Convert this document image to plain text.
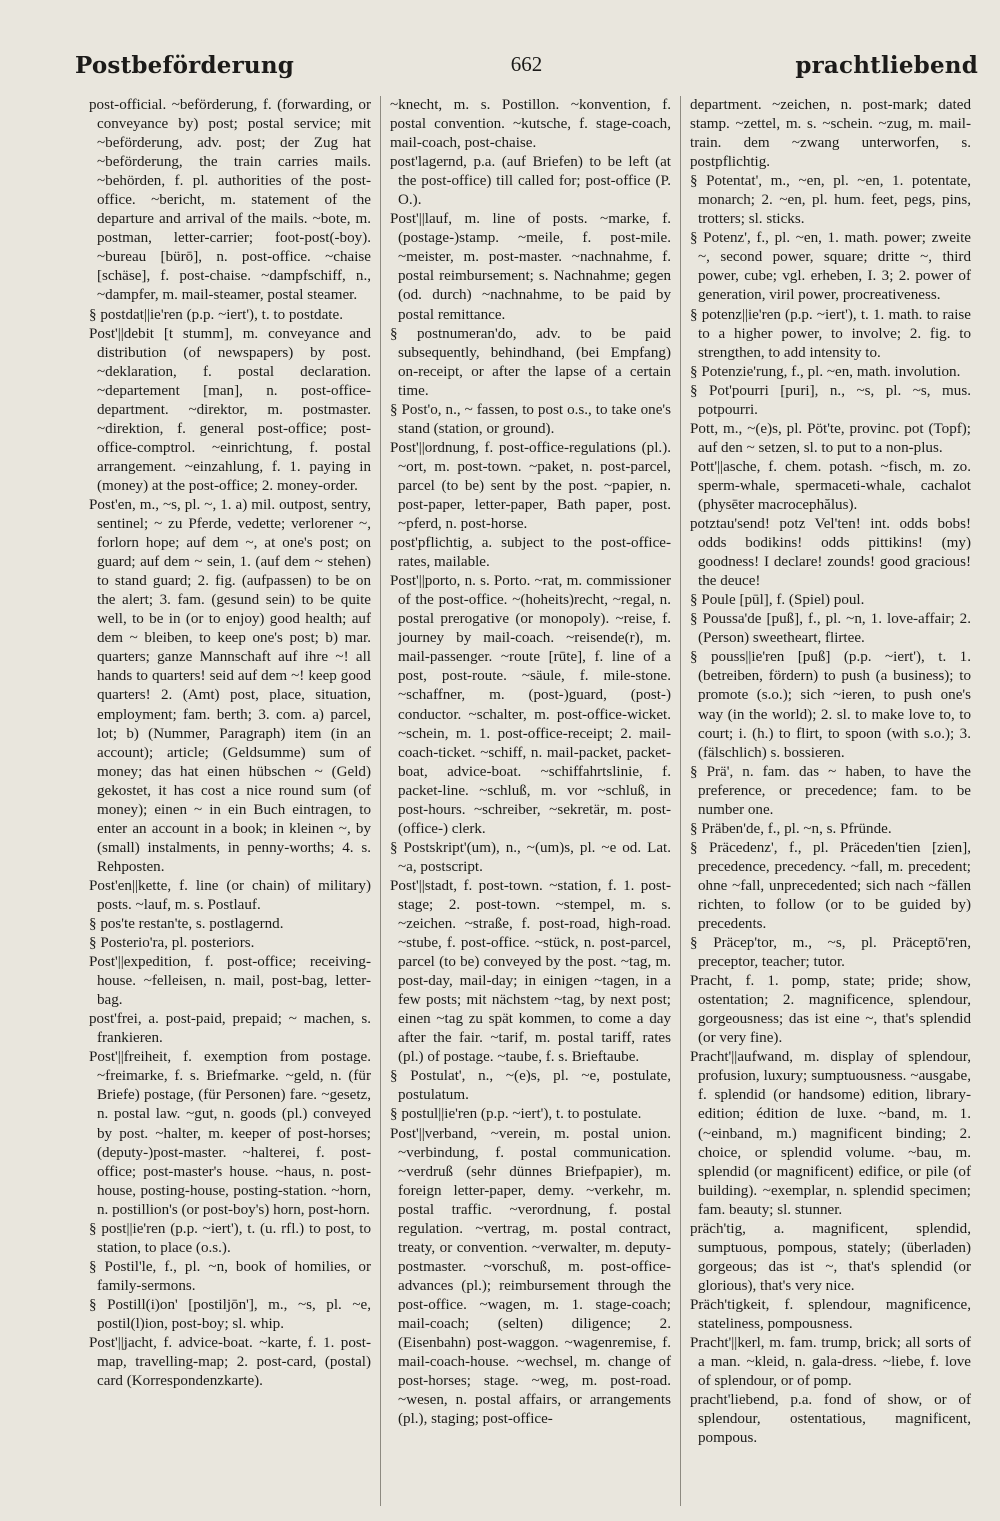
Postbeförderung	662	prachtliebend

post-official. ~beförderung, f. (forwarding, or conveyance by) post; postal service; mit ~beförderung, adv. post; der Zug hat ~beförderung, the train carries mails. ~behörden, f. pl. authorities of the post-office. ~bericht, m. statement of the departure and arrival of the mails. ~bote, m. postman, letter-carrier; foot-post(-boy). ~bureau [bürō], n. post-office. ~chaise [schäse], f. post-chaise. ~dampfschiff, n., ~dampfer, m. mail-steamer, postal steamer.

§ postdat||ie'ren (p.p. ~iert'), t. to postdate.

Post'||debit [t stumm], m. conveyance and distribution (of newspapers) by post. ~deklaration, f. postal declaration. ~departement [man], n. post-office-department. ~direktor, m. postmaster. ~direktion, f. general post-office; post-office-comptrol. ~einrichtung, f. postal arrangement. ~einzahlung, f. 1. paying in (money) at the post-office; 2. money-order.

Post'en, m., ~s, pl. ~, 1. a) mil. outpost, sentry, sentinel; ~ zu Pferde, vedette; verlorener ~, forlorn hope; auf dem ~, at one's post; on guard; auf dem ~ sein, 1. (auf dem ~ stehen) to stand guard; 2. fig. (aufpassen) to be on the alert; 3. fam. (gesund sein) to be quite well, to be in (or to enjoy) good health; auf dem ~ bleiben, to keep one's post; b) mar. quarters; ganze Mannschaft auf ihre ~! all hands to quarters! seid auf dem ~! keep good quarters! 2. (Amt) post, place, situation, employment; fam. berth; 3. com. a) parcel, lot; b) (Nummer, Paragraph) item (in an account); article; (Geldsumme) sum of money; das hat einen hübschen ~ (Geld) gekostet, it has cost a nice round sum (of money); einen ~ in ein Buch eintragen, to enter an account in a book; in kleinen ~, by (small) instalments, in penny-worths; 4. s. Rehposten.

Post'en||kette, f. line (or chain) of military) posts. ~lauf, m. s. Postlauf.

§ pos'te restan'te, s. postlagernd.

§ Posterio'ra, pl. posteriors.

Post'||expedition, f. post-office; receiving-house. ~felleisen, n. mail, post-bag, letter-bag.

post'frei, a. post-paid, prepaid; ~ machen, s. frankieren.

Post'||freiheit, f. exemption from postage. ~freimarke, f. s. Briefmarke. ~geld, n. (für Briefe) postage, (für Personen) fare. ~gesetz, n. postal law. ~gut, n. goods (pl.) conveyed by post. ~halter, m. keeper of post-horses; (deputy-)post-master. ~halterei, f. post-office; post-master's house. ~haus, n. post-house, posting-house, posting-station. ~horn, n. postillion's (or post-boy's) horn, post-horn.

§ post||ie'ren (p.p. ~iert'), t. (u. rfl.) to post, to station, to place (o.s.).

§ Postil'le, f., pl. ~n, book of homilies, or family-sermons.

§ Postill(i)on' [postiljōn'], m., ~s, pl. ~e, postil(l)ion, post-boy; sl. whip.

Post'||jacht, f. advice-boat. ~karte, f. 1. post-map, travelling-map; 2. post-card, (postal) card (Korrespondenzkarte).

~knecht, m. s. Postillon. ~konvention, f. postal convention. ~kutsche, f. stage-coach, mail-coach, post-chaise.

post'lagernd, p.a. (auf Briefen) to be left (at the post-office) till called for; post-office (P. O.).

Post'||lauf, m. line of posts. ~marke, f. (postage-)stamp. ~meile, f. post-mile. ~meister, m. post-master. ~nachnahme, f. postal reimbursement; s. Nachnahme; gegen (od. durch) ~nachnahme, to be paid by postal remittance.

§ postnumeran'do, adv. to be paid subsequently, behindhand, (bei Empfang) on-receipt, or after the lapse of a certain time.

§ Post'o, n., ~ fassen, to post o.s., to take one's stand (station, or ground).

Post'||ordnung, f. post-office-regulations (pl.). ~ort, m. post-town. ~paket, n. post-parcel, parcel (to be) sent by the post. ~papier, n. post-paper, letter-paper, Bath paper, post. ~pferd, n. post-horse.

post'pflichtig, a. subject to the post-office-rates, mailable.

Post'||porto, n. s. Porto. ~rat, m. commissioner of the post-office. ~(hoheits)recht, ~regal, n. postal prerogative (or monopoly). ~reise, f. journey by mail-coach. ~reisende(r), m. mail-passenger. ~route [rūte], f. line of a post, post-route. ~säule, f. mile-stone. ~schaffner, m. (post-)guard, (post-) conductor. ~schalter, m. post-office-wicket. ~schein, m. 1. post-office-receipt; 2. mail-coach-ticket. ~schiff, n. mail-packet, packet-boat, advice-boat. ~schiffahrtslinie, f. packet-line. ~schluß, m. vor ~schluß, in post-hours. ~schreiber, ~sekretär, m. post-(office-) clerk.

§ Postskript'(um), n., ~(um)s, pl. ~e od. Lat. ~a, postscript.

Post'||stadt, f. post-town. ~station, f. 1. post-stage; 2. post-town. ~stempel, m. s. ~zeichen. ~straße, f. post-road, high-road. ~stube, f. post-office. ~stück, n. post-parcel, parcel (to be) conveyed by the post. ~tag, m. post-day, mail-day; in einigen ~tagen, in a few posts; mit nächstem ~tag, by next post; einen ~tag zu spät kommen, to come a day after the fair. ~tarif, m. postal tariff, rates (pl.) of postage. ~taube, f. s. Brieftaube.

§ Postulat', n., ~(e)s, pl. ~e, postulate, postulatum.

§ postul||ie'ren (p.p. ~iert'), t. to postulate.

Post'||verband, ~verein, m. postal union. ~verbindung, f. postal communication. ~verdruß (sehr dünnes Briefpapier), m. foreign letter-paper, demy. ~verkehr, m. postal traffic. ~verordnung, f. postal regulation. ~vertrag, m. postal contract, treaty, or convention. ~verwalter, m. deputy-postmaster. ~vorschuß, m. post-office-advances (pl.); reimbursement through the post-office. ~wagen, m. 1. stage-coach; mail-coach; (selten) diligence; 2. (Eisenbahn) post-waggon. ~wagenremise, f. mail-coach-house. ~wechsel, m. change of post-horses; stage. ~weg, m. post-road. ~wesen, n. postal affairs, or arrangements (pl.), staging; post-office-

department. ~zeichen, n. post-mark; dated stamp. ~zettel, m. s. ~schein. ~zug, m. mail-train. dem ~zwang unterworfen, s. postpflichtig.

§ Potentat', m., ~en, pl. ~en, 1. potentate, monarch; 2. ~en, pl. hum. feet, pegs, pins, trotters; sl. sticks.

§ Potenz', f., pl. ~en, 1. math. power; zweite ~, second power, square; dritte ~, third power, cube; vgl. erheben, I. 3; 2. power of generation, viril power, procreativeness.

§ potenz||ie'ren (p.p. ~iert'), t. 1. math. to raise to a higher power, to involve; 2. fig. to strengthen, to add intensity to.

§ Potenzie'rung, f., pl. ~en, math. involution.

§ Pot'pourri [puri], n., ~s, pl. ~s, mus. potpourri.

Pott, m., ~(e)s, pl. Pöt'te, provinc. pot (Topf); auf den ~ setzen, sl. to put to a non-plus.

Pott'||asche, f. chem. potash. ~fisch, m. zo. sperm-whale, spermaceti-whale, cachalot (physēter macrocephălus).

potztau'send! potz Vel'ten! int. odds bobs! odds bodikins! odds pittikins! (my) goodness! I declare! zounds! good gracious! the deuce!

§ Poule [pūl], f. (Spiel) poul.

§ Poussa'de [puß], f., pl. ~n, 1. love-affair; 2. (Person) sweetheart, flirtee.

§ pouss||ie'ren [puß] (p.p. ~iert'), t. 1. (betreiben, fördern) to push (a business); to promote (s.o.); sich ~ieren, to push one's way (in the world); 2. sl. to make love to, to court; i. (h.) to flirt, to spoon (with s.o.); 3. (fälschlich) s. bossieren.

§ Prä', n. fam. das ~ haben, to have the preference, or precedence; fam. to be number one.

§ Präben'de, f., pl. ~n, s. Pfründe.

§ Präcedenz', f., pl. Präceden'tien [zien], precedence, precedency. ~fall, m. precedent; ohne ~fall, unprecedented; sich nach ~fällen richten, to follow (or to be guided by) precedents.

§ Präcep'tor, m., ~s, pl. Präceptō'ren, preceptor, teacher; tutor.

Pracht, f. 1. pomp, state; pride; show, ostentation; 2. magnificence, splendour, gorgeousness; das ist eine ~, that's splendid (or very fine).

Pracht'||aufwand, m. display of splendour, profusion, luxury; sumptuousness. ~ausgabe, f. splendid (or handsome) edition, library-edition; édition de luxe. ~band, m. 1. (~einband, m.) magnificent binding; 2. choice, or splendid volume. ~bau, m. splendid (or magnificent) edifice, or pile (of building). ~exemplar, n. splendid specimen; fam. beauty; sl. stunner.

präch'tig, a. magnificent, splendid, sumptuous, pompous, stately; (überladen) gorgeous; das ist ~, that's splendid (or glorious), that's very nice.

Präch'tigkeit, f. splendour, magnificence, stateliness, pompousness.

Pracht'||kerl, m. fam. trump, brick; all sorts of a man. ~kleid, n. gala-dress. ~liebe, f. love of splendour, or of pomp.

pracht'liebend, p.a. fond of show, or of splendour, ostentatious, magnificent, pompous.
